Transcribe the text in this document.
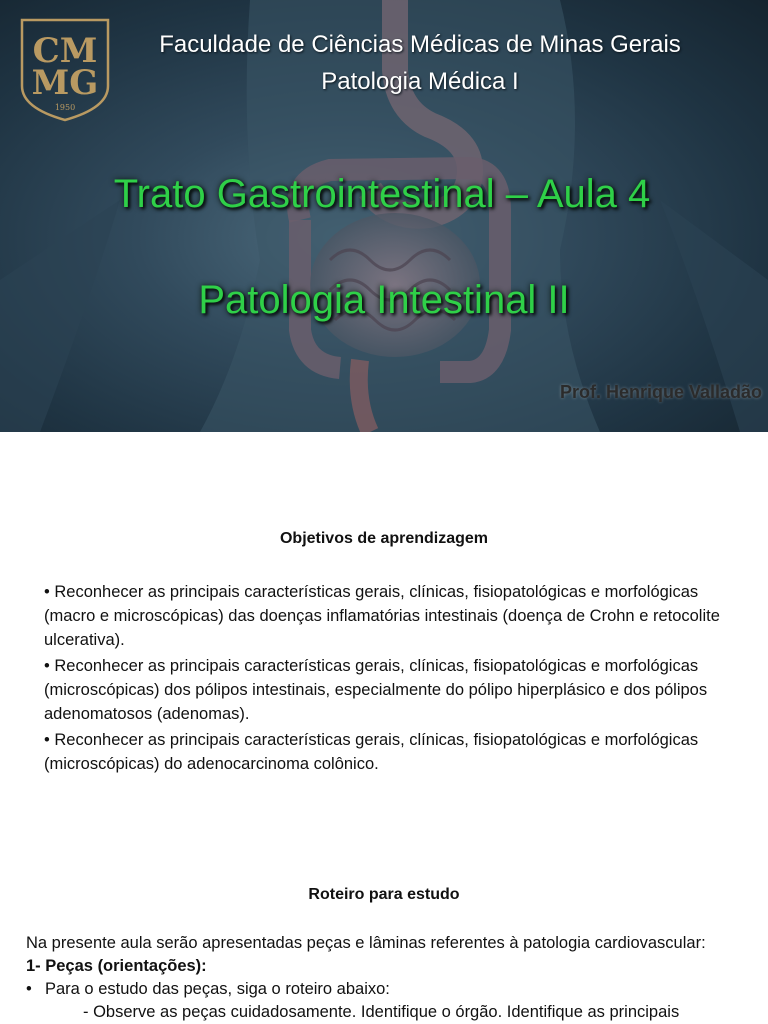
CM
MG
1950
Faculdade de Ciências Médicas de Minas Gerais
Patologia Médica I
Trato Gastrointestinal – Aula 4
Patologia Intestinal II
Prof. Henrique Valladão
Objetivos de aprendizagem

• Reconhecer as principais características gerais, clínicas, fisiopatológicas e morfológicas (macro e microscópicas) das doenças inflamatórias intestinais (doença de Crohn e retocolite ulcerativa).

• Reconhecer as principais características gerais, clínicas, fisiopatológicas e morfológicas (microscópicas) dos pólipos intestinais, especialmente do pólipo hiperplásico e dos pólipos adenomatosos (adenomas).

• Reconhecer as principais características gerais, clínicas, fisiopatológicas e morfológicas (microscópicas) do adenocarcinoma colônico.

Roteiro para estudo

Na presente aula serão apresentadas peças e lâminas referentes à patologia cardiovascular:

1- Peças (orientações):

• Para o estudo das peças, siga o roteiro abaixo:

- Observe as peças cuidadosamente. Identifique o órgão. Identifique as principais
